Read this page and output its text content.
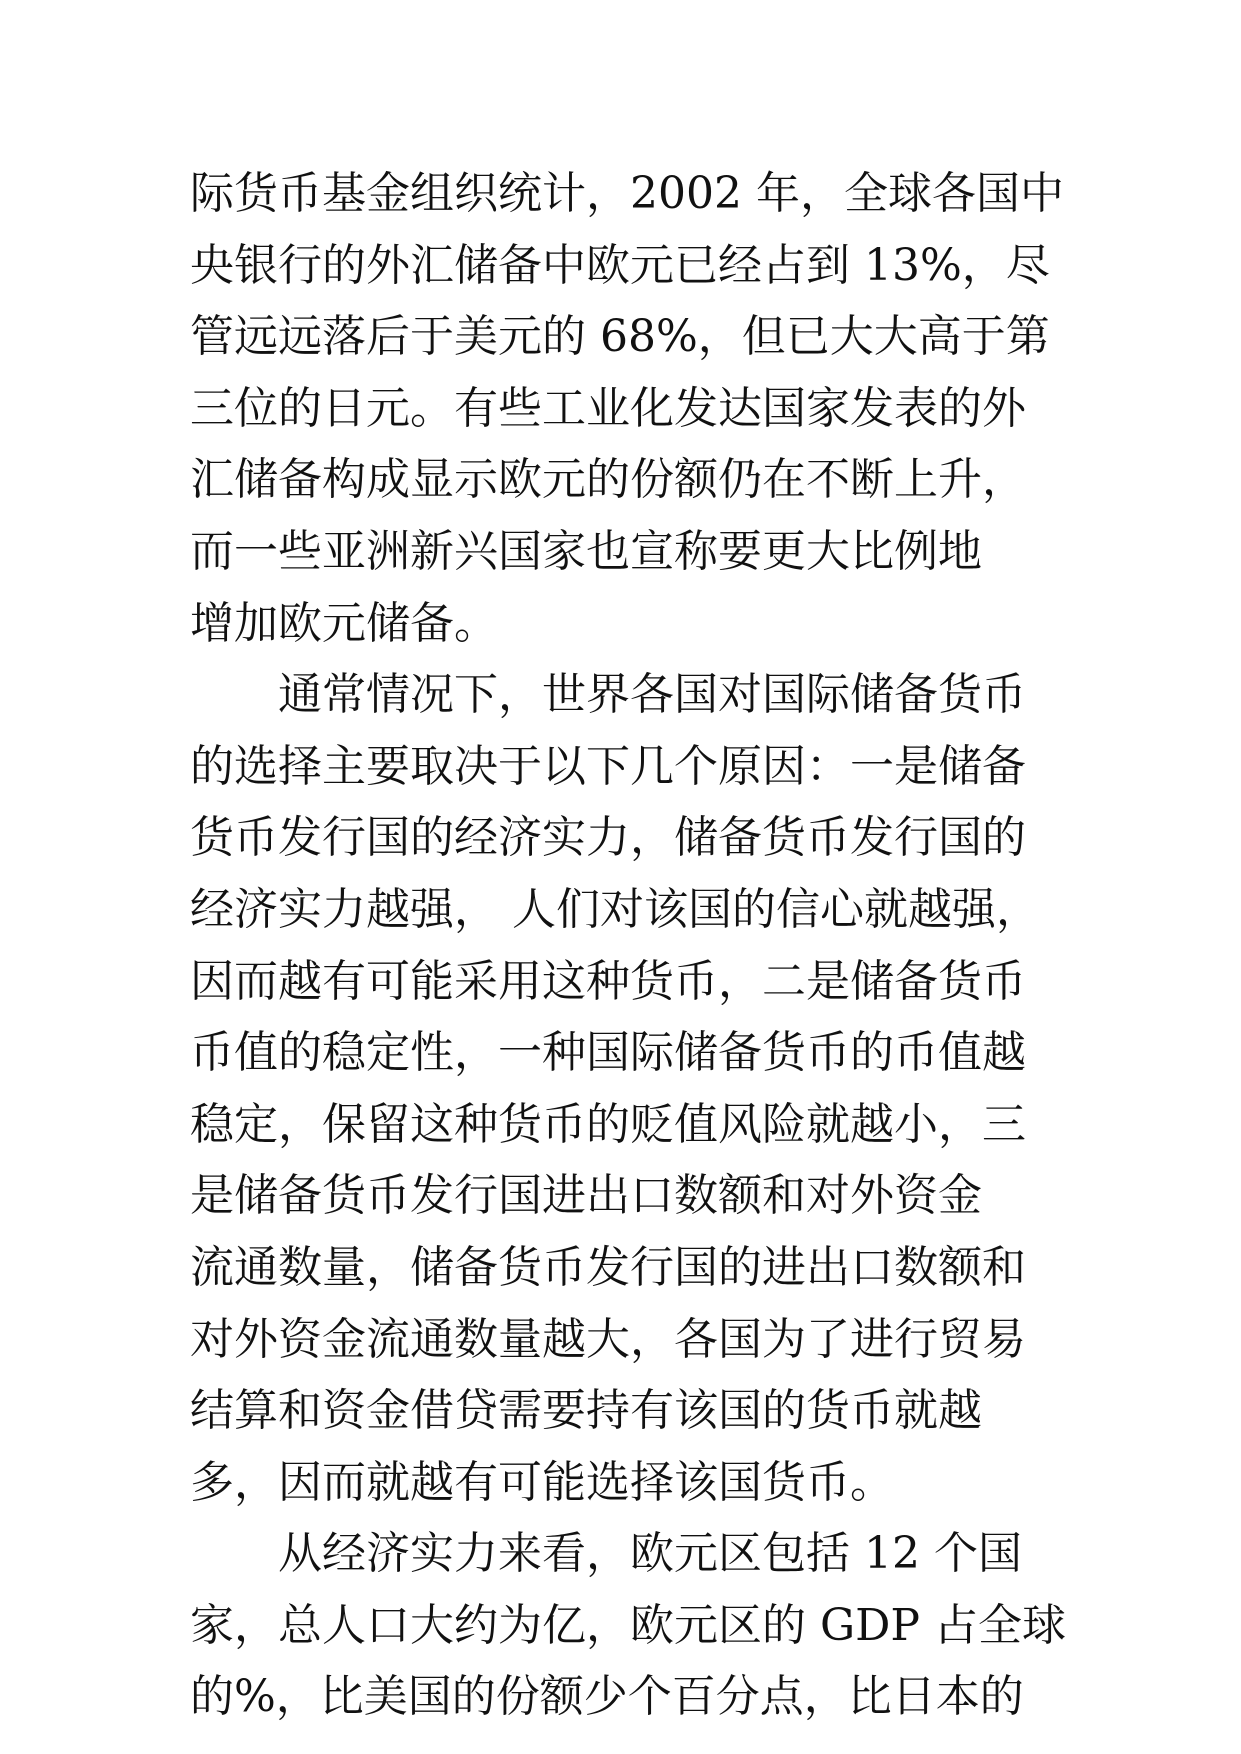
际货币基金组织统计，2002 年，全球各国中
央银行的外汇储备中欧元已经占到 13%，尽
管远远落后于美元的 68%，但已大大高于第
三位的日元。有些工业化发达国家发表的外
汇储备构成显示欧元的份额仍在不断上升，
而一些亚洲新兴国家也宣称要更大比例地
增加欧元储备。
通常情况下，世界各国对国际储备货币
的选择主要取决于以下几个原因：一是储备
货币发行国的经济实力，储备货币发行国的
经济实力越强， 人们对该国的信心就越强，
因而越有可能采用这种货币，二是储备货币
币值的稳定性，一种国际储备货币的币值越
稳定，保留这种货币的贬值风险就越小，三
是储备货币发行国进出口数额和对外资金
流通数量，储备货币发行国的进出口数额和
对外资金流通数量越大，各国为了进行贸易
结算和资金借贷需要持有该国的货币就越
多，因而就越有可能选择该国货币。
从经济实力来看，欧元区包括 12 个国
家，总人口大约为亿，欧元区的 GDP 占全球
的%，比美国的份额少个百分点，比日本的
